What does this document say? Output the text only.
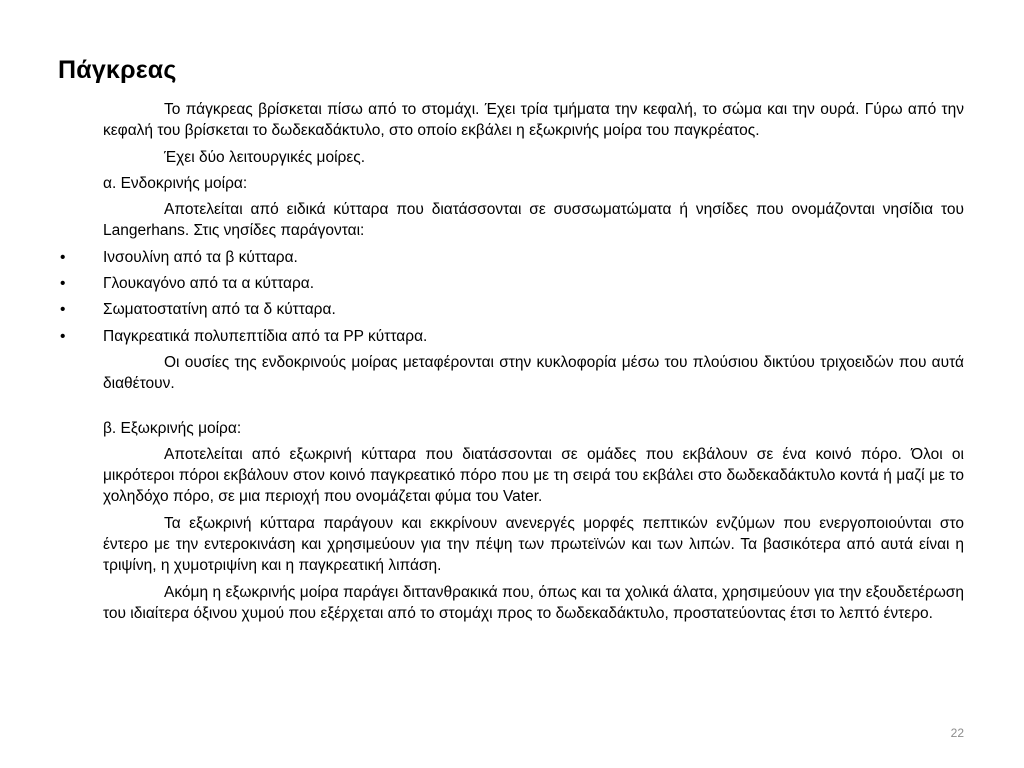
Πάγκρεας

Το πάγκρεας βρίσκεται πίσω από το στομάχι. Έχει τρία τμήματα την κεφαλή, το σώμα και την ουρά. Γύρω από την κεφαλή του βρίσκεται το δωδεκαδάκτυλο, στο οποίο εκβάλει η εξωκρινής μοίρα του παγκρέατος.

Έχει δύο λειτουργικές μοίρες.

α. Ενδοκρινής μοίρα:

Αποτελείται από ειδικά κύτταρα που διατάσσονται σε συσσωματώματα ή νησίδες που ονομάζονται νησίδια του Langerhans. Στις νησίδες παράγονται:

• Ινσουλίνη από τα β κύτταρα.
• Γλουκαγόνο από τα α κύτταρα.
• Σωματοστατίνη από τα δ κύτταρα.
• Παγκρεατικά πολυπεπτίδια από τα PP κύτταρα.

Οι ουσίες της ενδοκρινούς μοίρας μεταφέρονται στην κυκλοφορία μέσω του πλούσιου δικτύου τριχοειδών που αυτά διαθέτουν.

β. Εξωκρινής μοίρα:

Αποτελείται από εξωκρινή κύτταρα που διατάσσονται σε ομάδες που εκβάλουν σε ένα κοινό πόρο. Όλοι οι μικρότεροι πόροι εκβάλουν στον κοινό παγκρεατικό πόρο που με τη σειρά του εκβάλει στο δωδεκαδάκτυλο κοντά ή μαζί με το χοληδόχο πόρο, σε μια περιοχή που ονομάζεται φύμα του Vater.

Τα εξωκρινή κύτταρα παράγουν και εκκρίνουν ανενεργές μορφές πεπτικών ενζύμων που ενεργοποιούνται στο έντερο με την εντεροκινάση και χρησιμεύουν για την πέψη των πρωτεϊνών και των λιπών. Τα βασικότερα από αυτά είναι η τριψίνη, η χυμοτριψίνη και η παγκρεατική λιπάση.

Ακόμη η εξωκρινής μοίρα παράγει διττανθρακικά που, όπως και τα χολικά άλατα, χρησιμεύουν για την εξουδετέρωση του ιδιαίτερα όξινου χυμού που εξέρχεται από το στομάχι προς το δωδεκαδάκτυλο, προστατεύοντας έτσι το λεπτό έντερο.

22
